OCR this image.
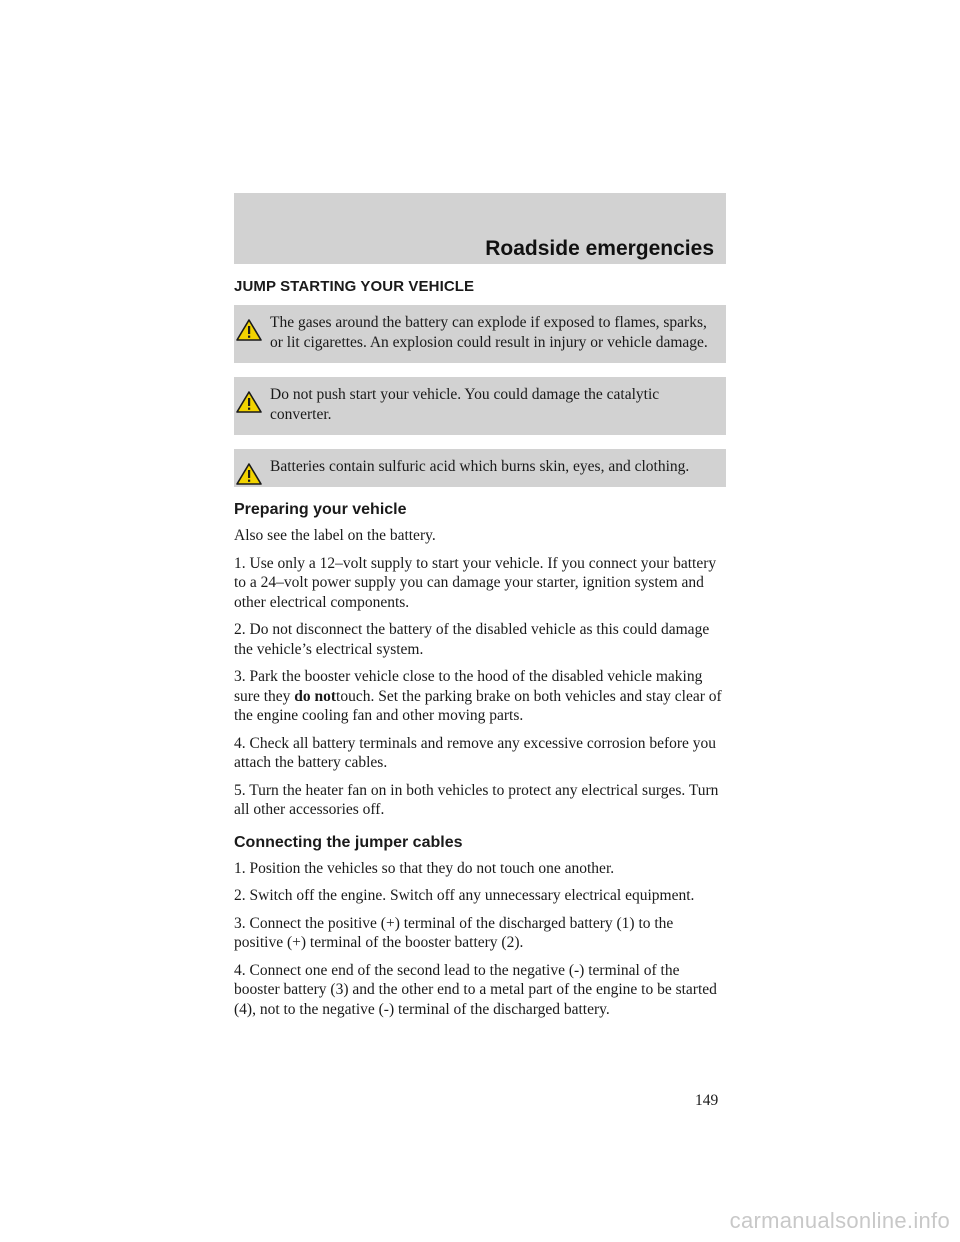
Roadside emergencies
JUMP STARTING YOUR VEHICLE

The gases around the battery can explode if exposed to flames, sparks, or lit cigarettes. An explosion could result in injury or vehicle damage.

Do not push start your vehicle. You could damage the catalytic converter.

Batteries contain sulfuric acid which burns skin, eyes, and clothing.

Preparing your vehicle

Also see the label on the battery.

1. Use only a 12–volt supply to start your vehicle. If you connect your battery to a 24–volt power supply you can damage your starter, ignition system and other electrical components.

2. Do not disconnect the battery of the disabled vehicle as this could damage the vehicle’s electrical system.

3. Park the booster vehicle close to the hood of the disabled vehicle making sure they do nottouch. Set the parking brake on both vehicles and stay clear of the engine cooling fan and other moving parts.

4. Check all battery terminals and remove any excessive corrosion before you attach the battery cables.

5. Turn the heater fan on in both vehicles to protect any electrical surges. Turn all other accessories off.

Connecting the jumper cables

1. Position the vehicles so that they do not touch one another.

2. Switch off the engine. Switch off any unnecessary electrical equipment.

3. Connect the positive (+) terminal of the discharged battery (1) to the positive (+) terminal of the booster battery (2).

4. Connect one end of the second lead to the negative (-) terminal of the booster battery (3) and the other end to a metal part of the engine to be started (4), not to the negative (-) terminal of the discharged battery.

149
carmanualsonline.info
